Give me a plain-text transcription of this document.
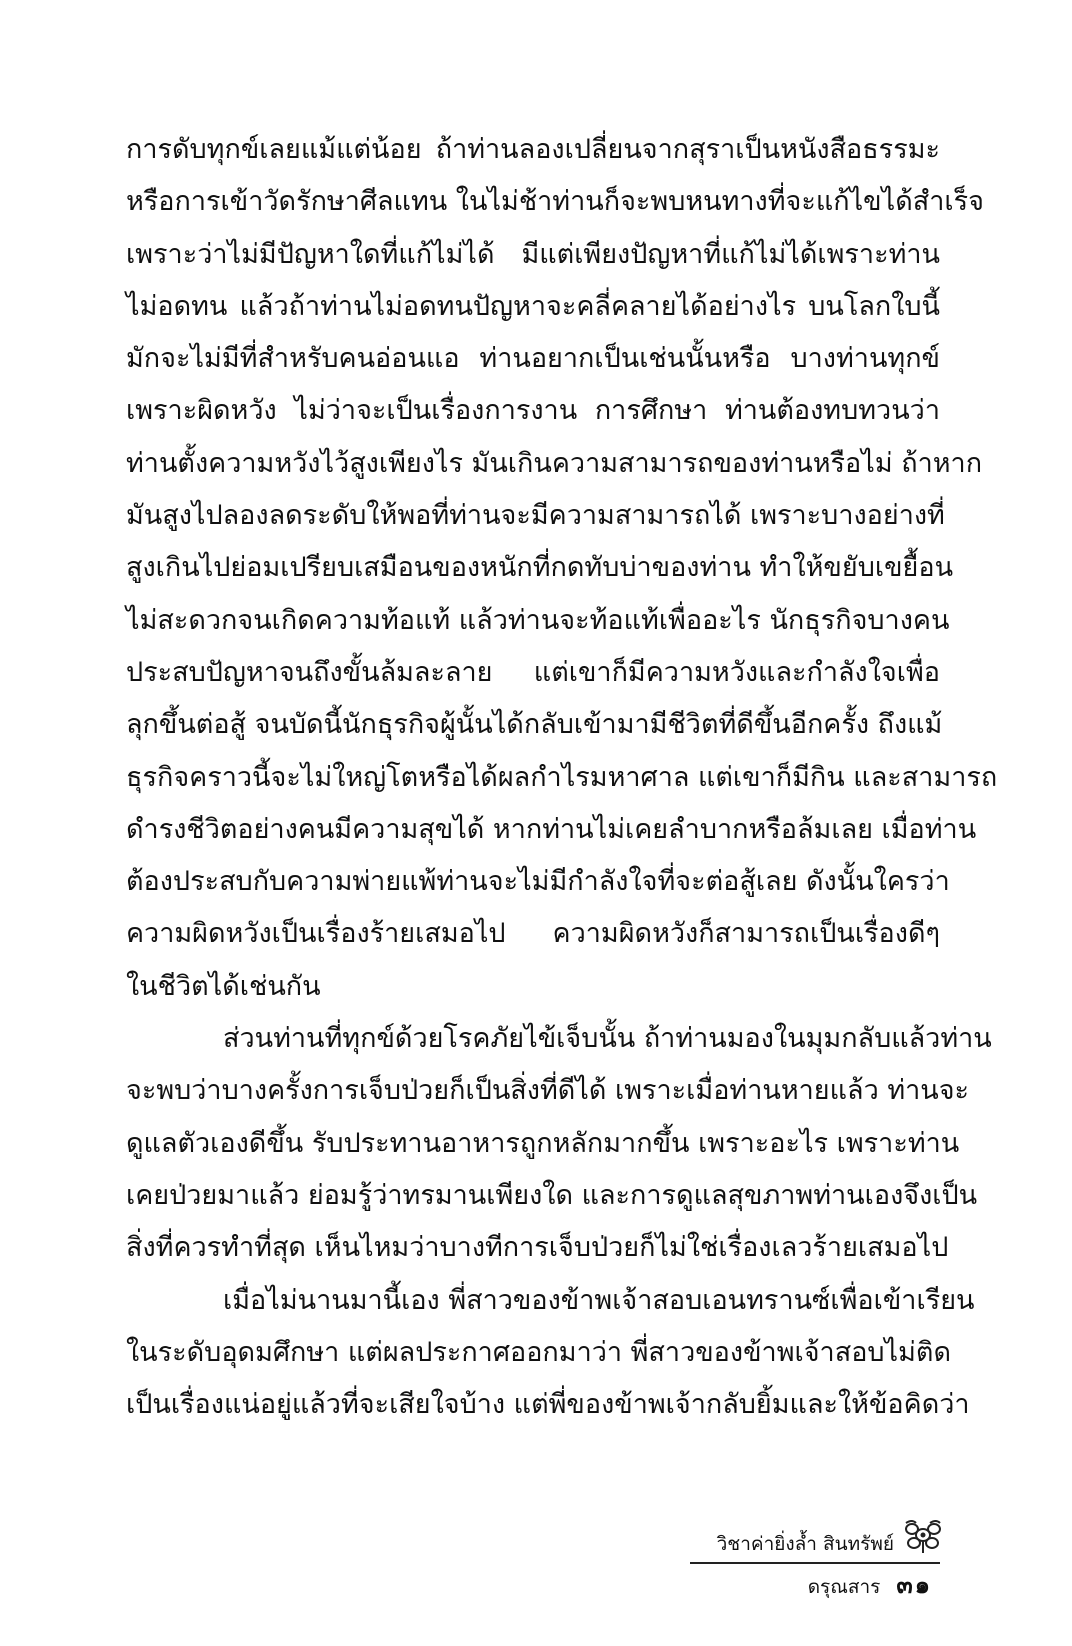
การดับทุกข์เลยแม้แต่น้อย ถ้าท่านลองเปลี่ยนจากสุราเป็นหนังสือธรรมะ
หรือการเข้าวัดรักษาศีลแทน ในไม่ช้าท่านก็จะพบหนทางที่จะแก้ไขได้สำเร็จ
เพราะว่าไม่มีปัญหาใดที่แก้ไม่ได้ มีแต่เพียงปัญหาที่แก้ไม่ได้เพราะท่าน
ไม่อดทน แล้วถ้าท่านไม่อดทนปัญหาจะคลี่คลายได้อย่างไร บนโลกใบนี้
มักจะไม่มีที่สำหรับคนอ่อนแอ ท่านอยากเป็นเช่นนั้นหรือ บางท่านทุกข์
เพราะผิดหวัง ไม่ว่าจะเป็นเรื่องการงาน การศึกษา ท่านต้องทบทวนว่า
ท่านตั้งความหวังไว้สูงเพียงไร มันเกินความสามารถของท่านหรือไม่ ถ้าหาก
มันสูงไปลองลดระดับให้พอที่ท่านจะมีความสามารถได้ เพราะบางอย่างที่
สูงเกินไปย่อมเปรียบเสมือนของหนักที่กดทับบ่าของท่าน ทำให้ขยับเขยื้อน
ไม่สะดวกจนเกิดความท้อแท้ แล้วท่านจะท้อแท้เพื่ออะไร นักธุรกิจบางคน
ประสบปัญหาจนถึงขั้นล้มละลาย แต่เขาก็มีความหวังและกำลังใจเพื่อ
ลุกขึ้นต่อสู้ จนบัดนี้นักธุรกิจผู้นั้นได้กลับเข้ามามีชีวิตที่ดีขึ้นอีกครั้ง ถึงแม้
ธุรกิจคราวนี้จะไม่ใหญ่โตหรือได้ผลกำไรมหาศาล แต่เขาก็มีกิน และสามารถ
ดำรงชีวิตอย่างคนมีความสุขได้ หากท่านไม่เคยลำบากหรือล้มเลย เมื่อท่าน
ต้องประสบกับความพ่ายแพ้ท่านจะไม่มีกำลังใจที่จะต่อสู้เลย ดังนั้นใครว่า
ความผิดหวังเป็นเรื่องร้ายเสมอไป ความผิดหวังก็สามารถเป็นเรื่องดีๆ
ในชีวิตได้เช่นกัน
ส่วนท่านที่ทุกข์ด้วยโรคภัยไข้เจ็บนั้น ถ้าท่านมองในมุมกลับแล้วท่าน
จะพบว่าบางครั้งการเจ็บป่วยก็เป็นสิ่งที่ดีได้ เพราะเมื่อท่านหายแล้ว ท่านจะ
ดูแลตัวเองดีขึ้น รับประทานอาหารถูกหลักมากขึ้น เพราะอะไร เพราะท่าน
เคยป่วยมาแล้ว ย่อมรู้ว่าทรมานเพียงใด และการดูแลสุขภาพท่านเองจึงเป็น
สิ่งที่ควรทำที่สุด เห็นไหมว่าบางทีการเจ็บป่วยก็ไม่ใช่เรื่องเลวร้ายเสมอไป
เมื่อไม่นานมานี้เอง พี่สาวของข้าพเจ้าสอบเอนทรานซ์เพื่อเข้าเรียน
ในระดับอุดมศึกษา แต่ผลประกาศออกมาว่า พี่สาวของข้าพเจ้าสอบไม่ติด
เป็นเรื่องแน่อยู่แล้วที่จะเสียใจบ้าง แต่พี่ของข้าพเจ้ากลับยิ้มและให้ข้อคิดว่า
วิชาค่ายิ่งล้ำ สินทรัพย์
ดรุณสาร ๓๑
